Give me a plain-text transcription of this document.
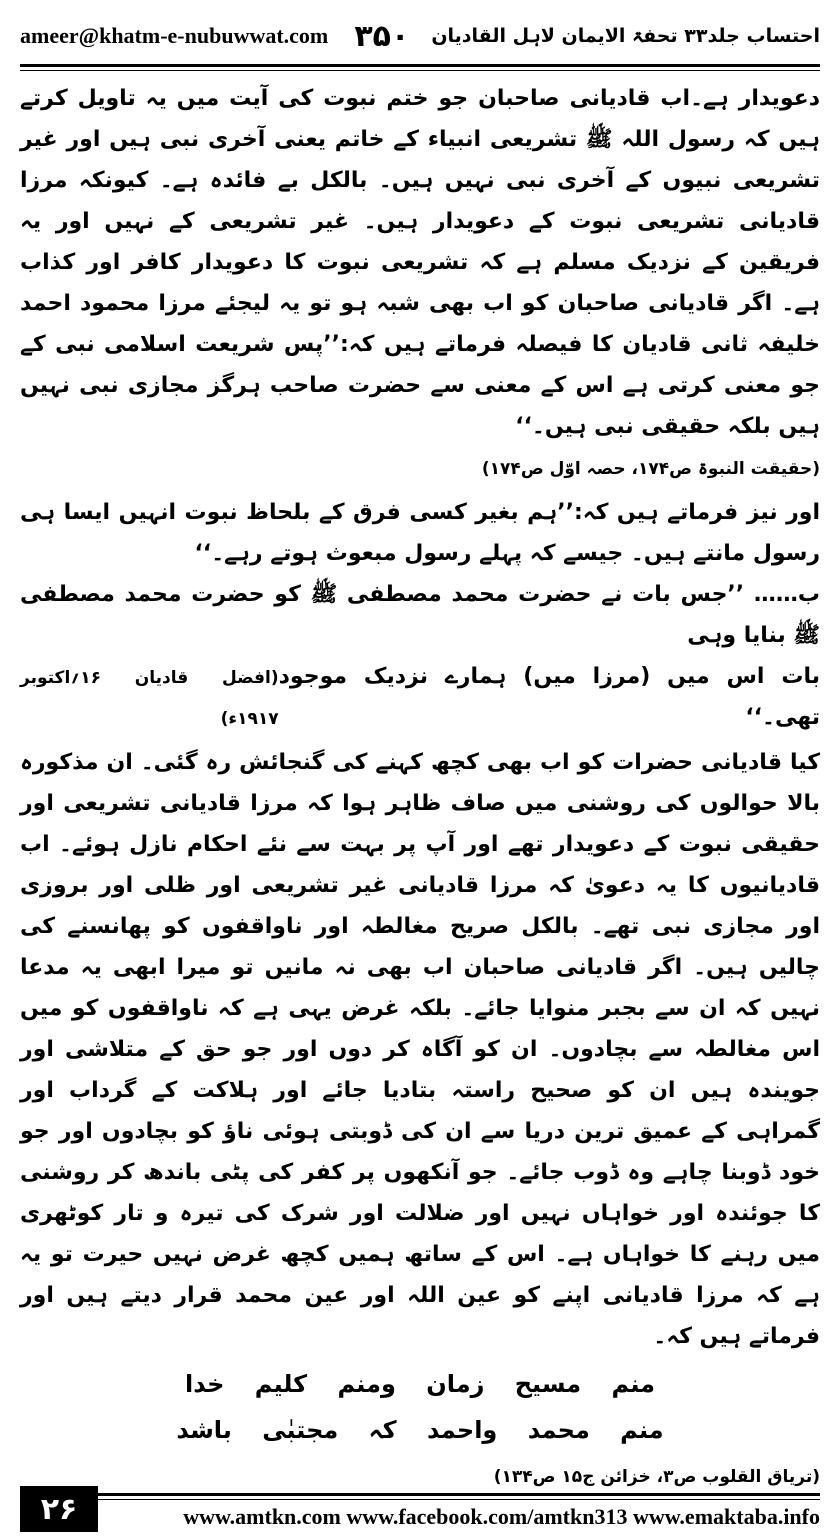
ameer@khatm-e-nubuwwat.com	احتساب جلد۳۳ تحفۃ الایمان لاہل القادیان
۳۵۰

دعویدار ہے۔اب قادیانی صاحبان جو ختم نبوت کی آیت میں یہ تاویل کرتے ہیں کہ رسول اللہ ﷺ تشریعی انبیاء کے خاتم یعنی آخری نبی ہیں اور غیر تشریعی نبیوں کے آخری نبی نہیں ہیں۔ بالکل بے فائدہ ہے۔ کیونکہ مرزا قادیانی تشریعی نبوت کے دعویدار ہیں۔ غیر تشریعی کے نہیں اور یہ فریقین کے نزدیک مسلم ہے کہ تشریعی نبوت کا دعویدار کافر اور کذاب ہے۔ اگر قادیانی صاحبان کو اب بھی شبہ ہو تو یہ لیجئے مرزا محمود احمد خلیفہ ثانی قادیان کا فیصلہ فرماتے ہیں کہ:’’پس شریعت اسلامی نبی کے جو معنی کرتی ہے اس کے معنی سے حضرت صاحب ہرگز مجازی نبی نہیں ہیں بلکہ حقیقی نبی ہیں۔‘‘

(حقیقت النبوۃ ص۱۷۴، حصہ اوّل ص۱۷۴)

اور نیز فرماتے ہیں کہ:’’ہم بغیر کسی فرق کے بلحاظ نبوت انہیں ایسا ہی رسول مانتے ہیں۔ جیسے کہ پہلے رسول مبعوث ہوتے رہے۔‘‘

ب…… ’’جس بات نے حضرت محمد مصطفی ﷺ کو حضرت محمد مصطفی ﷺ بنایا وہی

بات اس میں (مرزا میں) ہمارے نزدیک موجود تھی۔‘‘
(افضل قادیان ۱۶؍اکتوبر ۱۹۱۷ء)

کیا قادیانی حضرات کو اب بھی کچھ کہنے کی گنجائش رہ گئی۔ ان مذکورہ بالا حوالوں کی روشنی میں صاف ظاہر ہوا کہ مرزا قادیانی تشریعی اور حقیقی نبوت کے دعویدار تھے اور آپ پر بہت سے نئے احکام نازل ہوئے۔ اب قادیانیوں کا یہ دعویٰ کہ مرزا قادیانی غیر تشریعی اور ظلی اور بروزی اور مجازی نبی تھے۔ بالکل صریح مغالطہ اور ناواقفوں کو پھانسنے کی چالیں ہیں۔ اگر قادیانی صاحبان اب بھی نہ مانیں تو میرا ابھی یہ مدعا نہیں کہ ان سے بجبر منوایا جائے۔ بلکہ غرض یہی ہے کہ ناواقفوں کو میں اس مغالطہ سے بچادوں۔ ان کو آگاہ کر دوں اور جو حق کے متلاشی اور جویندہ ہیں ان کو صحیح راستہ بتادیا جائے اور ہلاکت کے گرداب اور گمراہی کے عمیق ترین دریا سے ان کی ڈوبتی ہوئی ناؤ کو بچادوں اور جو خود ڈوبنا چاہے وہ ڈوب جائے۔ جو آنکھوں پر کفر کی پٹی باندھ کر روشنی کا جوئندہ اور خواہاں نہیں اور ضلالت اور شرک کی تیرہ و تار کوٹھری میں رہنے کا خواہاں ہے۔ اس کے ساتھ ہمیں کچھ غرض نہیں حیرت تو یہ ہے کہ مرزا قادیانی اپنے کو عین اللہ اور عین محمد قرار دیتے ہیں اور فرماتے ہیں کہ۔

منم مسیح زمان ومنم کلیم خدا
منم محمد واحمد کہ مجتبٰی باشد

(تریاق القلوب ص۳، خزائن ج۱۵ ص۱۳۴)

۲۶	www.amtkn.com www.facebook.com/amtkn313 www.emaktaba.info
